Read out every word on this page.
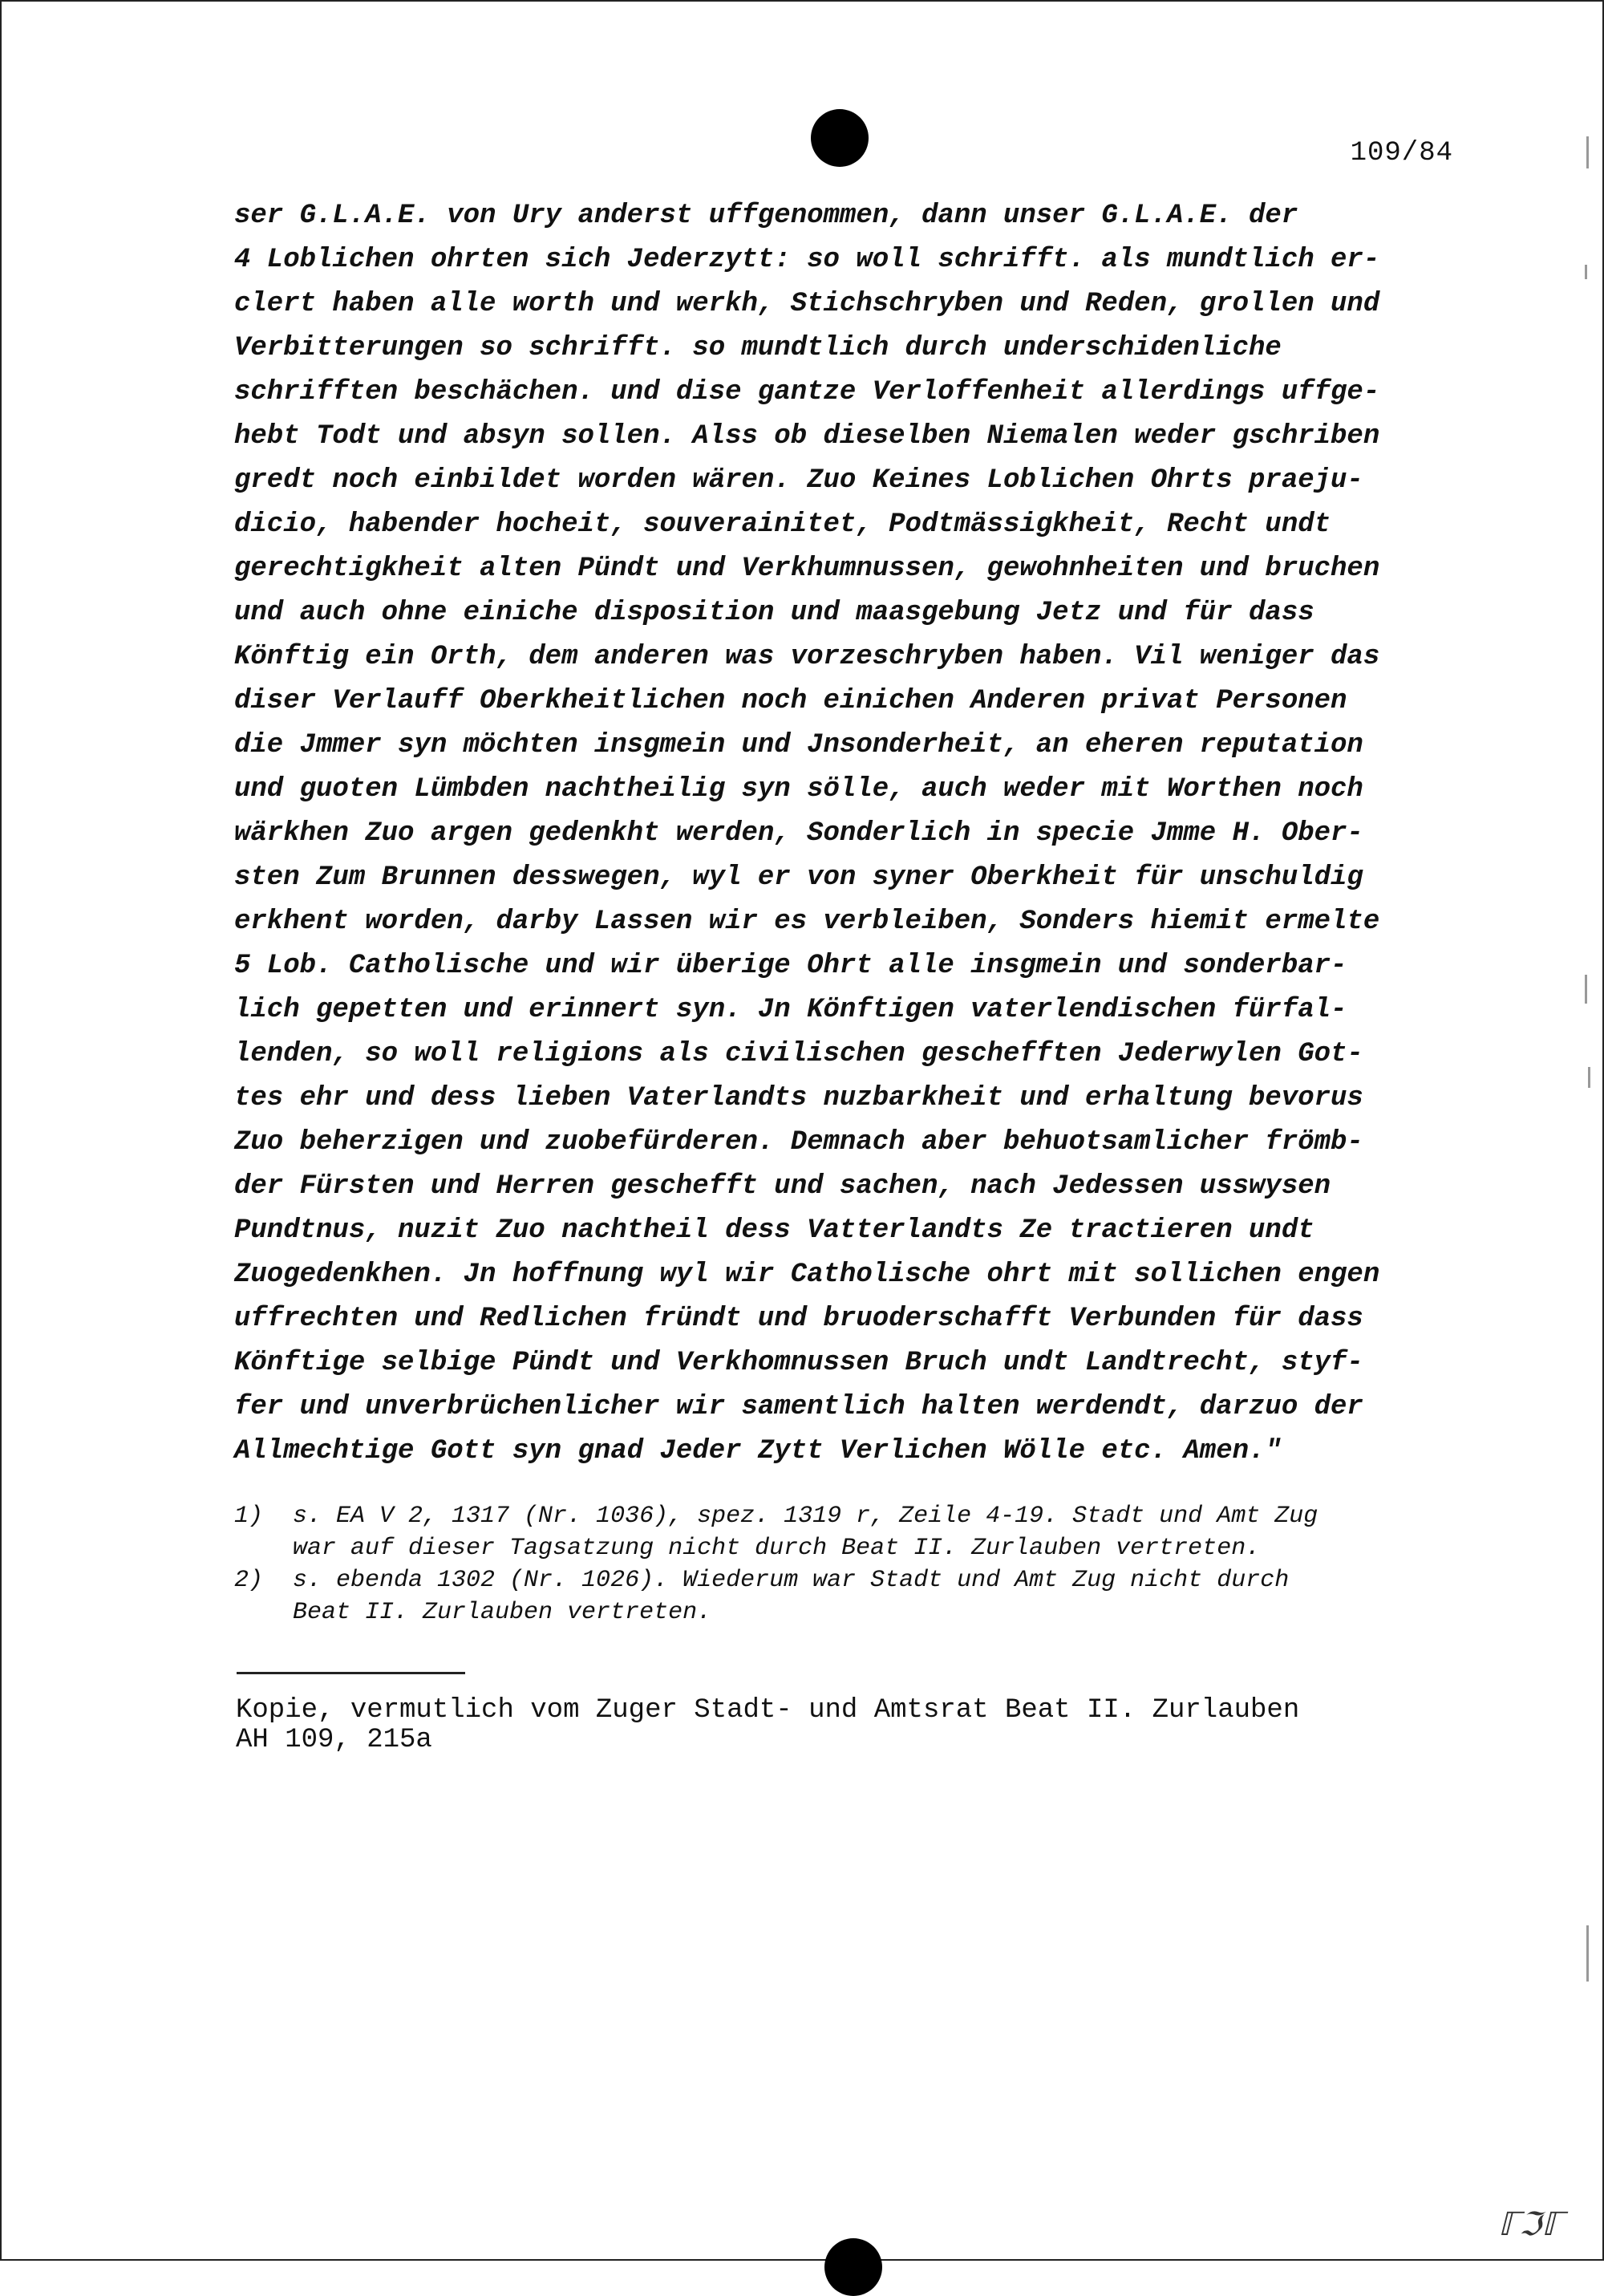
109/84
ser G.L.A.E. von Ury anderst uffgenommen, dann unser G.L.A.E. der
4 Loblichen ohrten sich Jederzytt: so woll schrifft. als mundtlich er-
clert haben alle worth und werkh, Stichschryben und Reden, grollen und
Verbitterungen so schrifft. so mundtlich durch underschidenliche
schrifften beschächen. und dise gantze Verloffenheit allerdings uffge-
hebt Todt und absyn sollen. Alss ob dieselben Niemalen weder gschriben
gredt noch einbildet worden wären. Zuo Keines Loblichen Ohrts praeju-
dicio, habender hocheit, souverainitet, Podtmässigkheit, Recht undt
gerechtigkheit alten Pündt und Verkhumnussen, gewohnheiten und bruchen
und auch ohne einiche disposition und maasgebung Jetz und für dass
Könftig ein Orth, dem anderen was vorzeschryben haben. Vil weniger das
diser Verlauff Oberkheitlichen noch einichen Anderen privat Personen
die Jmmer syn möchten insgmein und Jnsonderheit, an eheren reputation
und guoten Lümbden nachtheilig syn sölle, auch weder mit Worthen noch
wärkhen Zuo argen gedenkht werden, Sonderlich in specie Jmme H. Ober-
sten Zum Brunnen desswegen, wyl er von syner Oberkheit für unschuldig
erkhent worden, darby Lassen wir es verbleiben, Sonders hiemit ermelte
5 Lob. Catholische und wir überige Ohrt alle insgmein und sonderbar-
lich gepetten und erinnert syn. Jn Könftigen vaterlendischen fürfal-
lenden, so woll religions als civilischen geschefften Jederwylen Got-
tes ehr und dess lieben Vaterlandts nuzbarkheit und erhaltung bevorus
Zuo beherzigen und zuobefürderen. Demnach aber behuotsamlicher frömb-
der Fürsten und Herren geschefft und sachen, nach Jedessen usswysen
Pundtnus, nuzit Zuo nachtheil dess Vatterlandts Ze tractieren undt
Zuogedenkhen. Jn hoffnung wyl wir Catholische ohrt mit sollichen engen
uffrechten und Redlichen fründt und bruoderschafft Verbunden für dass
Könftige selbige Pündt und Verkhomnussen Bruch undt Landtrecht, styf-
fer und unverbrüchenlicher wir samentlich halten werdendt, darzuo der
Allmechtige Gott syn gnad Jeder Zytt Verlichen Wölle etc. Amen."
1) s. EA V 2, 1317 (Nr. 1036), spez. 1319 r, Zeile 4-19. Stadt und Amt Zug
war auf dieser Tagsatzung nicht durch Beat II. Zurlauben vertreten.
2) s. ebenda 1302 (Nr. 1026). Wiederum war Stadt und Amt Zug nicht durch
Beat II. Zurlauben vertreten.
Kopie, vermutlich vom Zuger Stadt- und Amtsrat Beat II. Zurlauben
AH 109, 215a
ℾℑℾ
